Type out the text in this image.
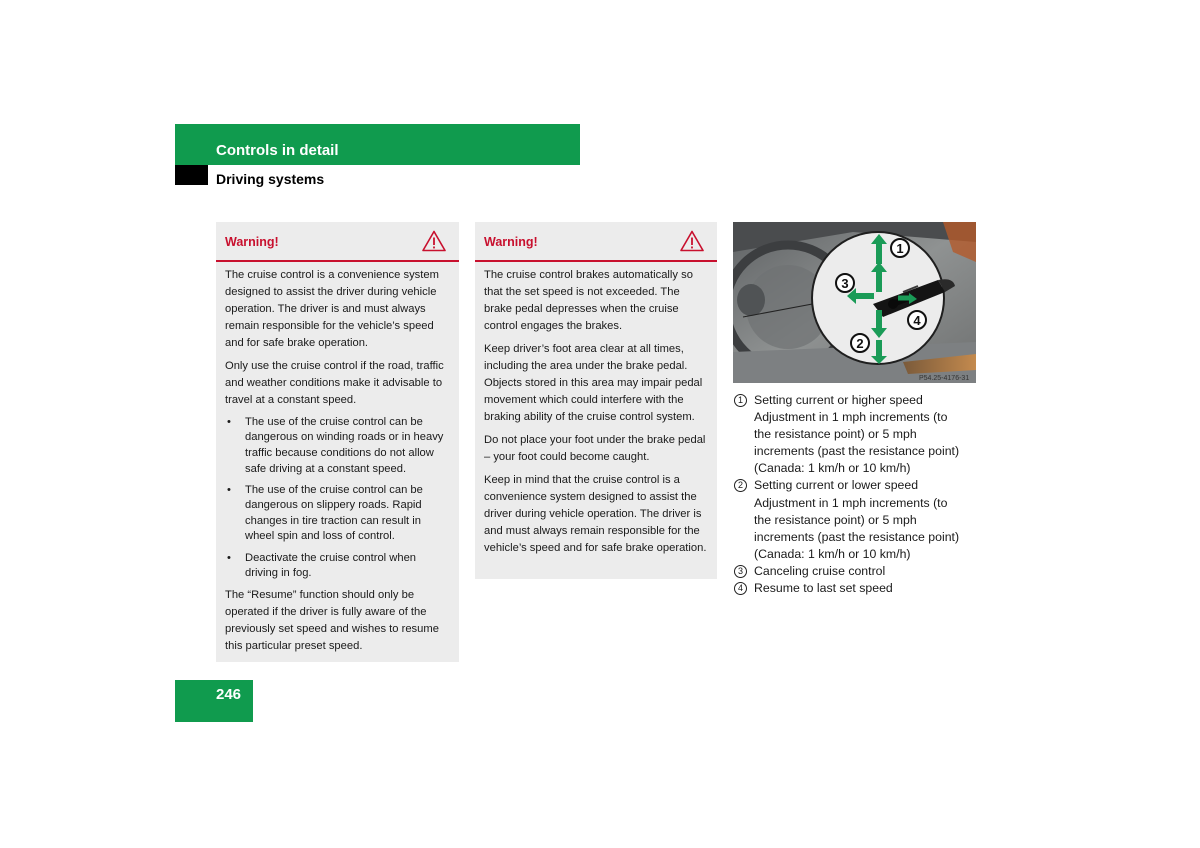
Controls in detail
Driving systems
Warning!

The cruise control is a convenience system designed to assist the driver during vehicle operation. The driver is and must always remain responsible for the vehicle’s speed and for safe brake operation.

Only use the cruise control if the road, traffic and weather conditions make it advisable to travel at a constant speed.

• The use of the cruise control can be dangerous on winding roads or in heavy traffic because conditions do not allow safe driving at a constant speed.
• The use of the cruise control can be dangerous on slippery roads. Rapid changes in tire traction can result in wheel spin and loss of control.
• Deactivate the cruise control when driving in fog.

The “Resume” function should only be operated if the driver is fully aware of the previously set speed and wishes to resume this particular preset speed.

Warning!

The cruise control brakes automatically so that the set speed is not exceeded. The brake pedal depresses when the cruise control engages the brakes.

Keep driver’s foot area clear at all times, including the area under the brake pedal. Objects stored in this area may impair pedal movement which could interfere with the braking ability of the cruise control system.

Do not place your foot under the brake pedal – your foot could become caught.

Keep in mind that the cruise control is a convenience system designed to assist the driver during vehicle operation. The driver is and must always remain responsible for the vehicle’s speed and for safe brake operation.

1
2
3
4
P54.25-4176-31
1 Setting current or higher speed
Adjustment in 1 mph increments (to
the resistance point) or 5 mph
increments (past the resistance point)
(Canada: 1 km/h or 10 km/h)
2 Setting current or lower speed
Adjustment in 1 mph increments (to
the resistance point) or 5 mph
increments (past the resistance point)
(Canada: 1 km/h or 10 km/h)
3 Canceling cruise control
4 Resume to last set speed
246
